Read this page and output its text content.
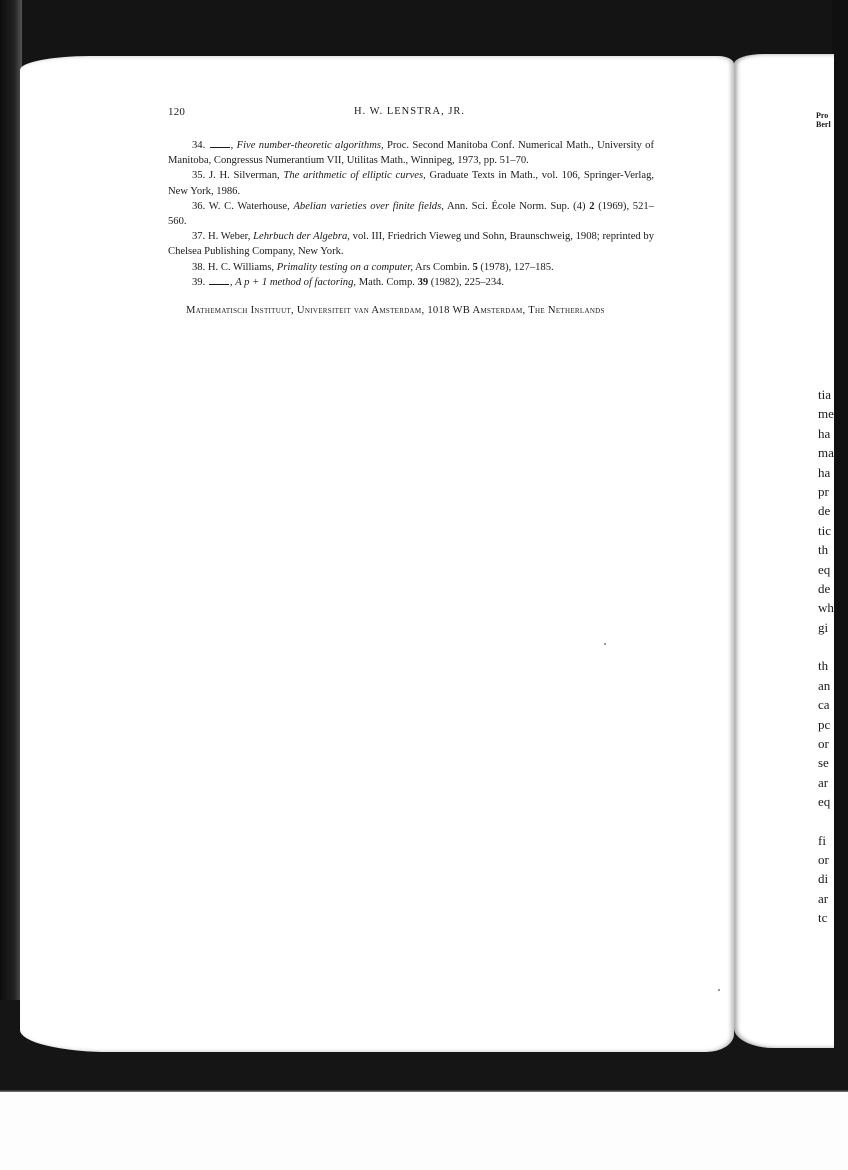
120	H. W. LENSTRA, JR.

34. , Five number-theoretic algorithms, Proc. Second Manitoba Conf. Numerical Math., University of Manitoba, Congressus Numerantium VII, Utilitas Math., Winnipeg, 1973, pp. 51–70.

35. J. H. Silverman, The arithmetic of elliptic curves, Graduate Texts in Math., vol. 106, Springer-Verlag, New York, 1986.

36. W. C. Waterhouse, Abelian varieties over finite fields, Ann. Sci. École Norm. Sup. (4) 2 (1969), 521–560.

37. H. Weber, Lehrbuch der Algebra, vol. III, Friedrich Vieweg und Sohn, Braunschweig, 1908; reprinted by Chelsea Publishing Company, New York.

38. H. C. Williams, Primality testing on a computer, Ars Combin. 5 (1978), 127–185.

39. , A p + 1 method of factoring, Math. Comp. 39 (1982), 225–234.

Mathematisch Instituut, Universiteit van Amsterdam, 1018 WB Amsterdam, The Netherlands
Pro
Berl
tia
me
ha
ma
ha
pr
de
tic
th
eq
de
wh
gi
th
an
ca
pc
or
se
ar
eq
fi
or
di
ar
tc
